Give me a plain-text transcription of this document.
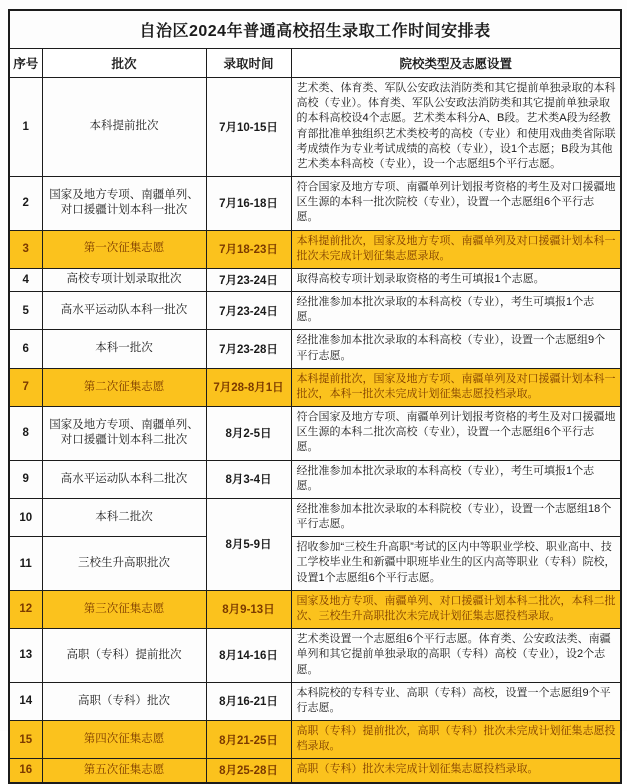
自治区2024年普通高校招生录取工作时间安排表			
序号	批次	录取时间	院校类型及志愿设置
1	本科提前批次	7月10-15日	艺术类、体育类、军队公安政法消防类和其它提前单独录取的本科高校（专业）。体育类、军队公安政法消防类和其它提前单独录取的本科高校设4个志愿。艺术类本科分A、B段。艺术类A段为经教育部批准单独组织艺术类校考的高校（专业）和使用戏曲类省际联考成绩作为专业考试成绩的高校（专业），设1个志愿；B段为其他艺术类本科高校（专业），设一个志愿组5个平行志愿。
2	国家及地方专项、南疆单列、对口援疆计划本科一批次	7月16-18日	符合国家及地方专项、南疆单列计划报考资格的考生及对口援疆地区生源的本科一批次院校（专业），设置一个志愿组6个平行志愿。
3	第一次征集志愿	7月18-23日	本科提前批次，国家及地方专项、南疆单列及对口援疆计划本科一批次未完成计划征集志愿录取。
4	高校专项计划录取批次	7月23-24日	取得高校专项计划录取资格的考生可填报1个志愿。
5	高水平运动队本科一批次	7月23-24日	经批准参加本批次录取的本科高校（专业），考生可填报1个志愿。
6	本科一批次	7月23-28日	经批准参加本批次录取的本科高校（专业），设置一个志愿组9个平行志愿。
7	第二次征集志愿	7月28-8月1日	本科提前批次，国家及地方专项、南疆单列及对口援疆计划本科一批次，本科一批次未完成计划征集志愿投档录取。
8	国家及地方专项、南疆单列、对口援疆计划本科二批次	8月2-5日	符合国家及地方专项、南疆单列计划报考资格的考生及对口援疆地区生源的本科二批次高校（专业），设置一个志愿组6个平行志愿。
9	高水平运动队本科二批次	8月3-4日	经批准参加本批次录取的本科高校（专业），考生可填报1个志愿。
10	本科二批次	8月5-9日	经批准参加本批次录取的本科院校（专业），设置一个志愿组18个平行志愿。
11	三校生升高职批次		招收参加“三校生升高职”考试的区内中等职业学校、职业高中、技工学校毕业生和新疆中职班毕业生的区内高等职业（专科）院校，设置1个志愿组6个平行志愿。
12	第三次征集志愿	8月9-13日	国家及地方专项、南疆单列、对口援疆计划本科二批次，本科二批次、三校生升高职批次未完成计划征集志愿投档录取。
13	高职（专科）提前批次	8月14-16日	艺术类设置一个志愿组6个平行志愿。体育类、公安政法类、南疆单列和其它提前单独录取的高职（专科）高校（专业），设2个志愿。
14	高职（专科）批次	8月16-21日	本科院校的专科专业、高职（专科）高校，设置一个志愿组9个平行志愿。
15	第四次征集志愿	8月21-25日	高职（专科）提前批次，高职（专科）批次未完成计划征集志愿投档录取。
16	第五次征集志愿	8月25-28日	高职（专科）批次未完成计划征集志愿投档录取。
